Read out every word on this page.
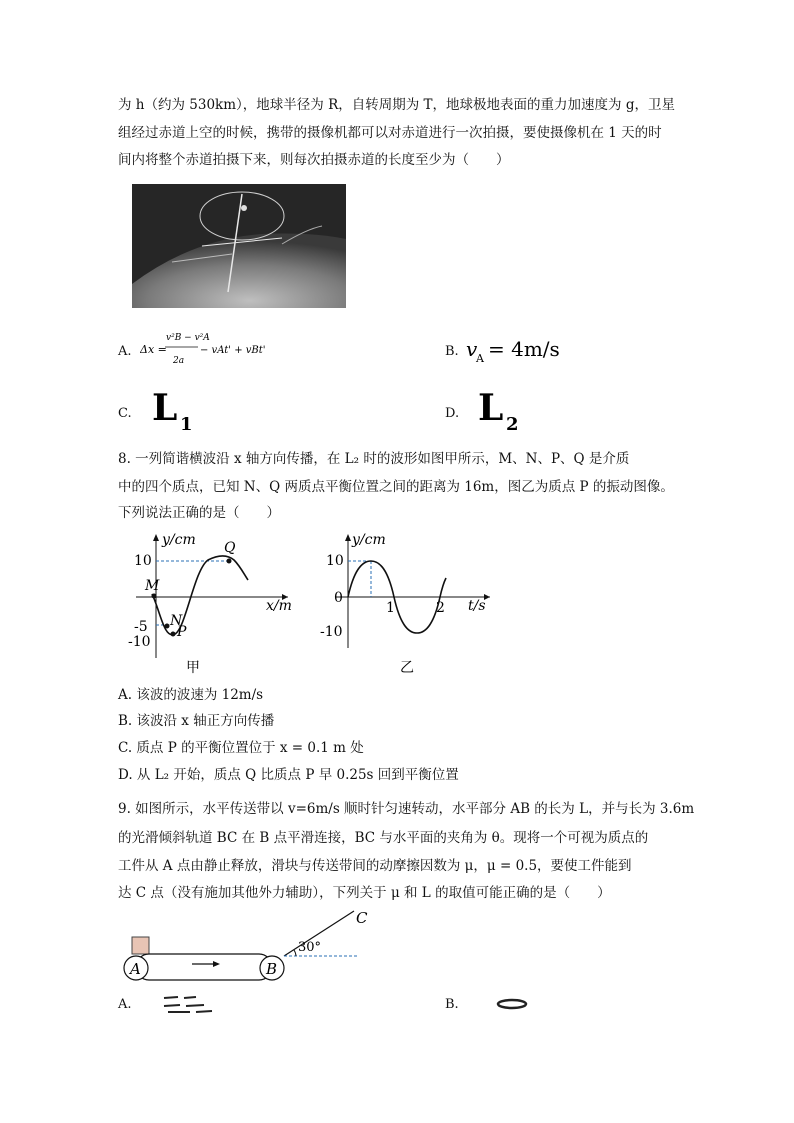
为 h（约为 530km），地球半径为 R，自转周期为 T，地球极地表面的重力加速度为 g，卫星
组经过赤道上空的时候，携带的摄像机都可以对赤道进行一次拍摄，要使摄像机在 1 天的时
间内将整个赤道拍摄下来，则每次拍摄赤道的长度至少为（　　）
A. Δx =
v²B − v²A
2a
− vAt' + vBt'	B. v
A = 4m/s
C. L 1
D. L 2
8. 一列简谐横波沿 x 轴方向传播，在 L₂ 时的波形如图甲所示，M、N、P、Q 是介质
中的四个质点，已知 N、Q 两质点平衡位置之间的距离为 16m，图乙为质点 P 的振动图像。
下列说法正确的是（　　）
y/cm
x/m
10
-5
-10
M
N
P
Q
甲
y/cm
t/s
10
0
-10
1	2
乙
A. 该波的波速为 12m/s
B. 该波沿 x 轴正方向传播
C. 质点 P 的平衡位置位于 x = 0.1 m 处
D. 从 L₂ 开始，质点 Q 比质点 P 早 0.25s 回到平衡位置
9. 如图所示，水平传送带以 v=6m/s 顺时针匀速转动，水平部分 AB 的长为 L，并与长为 3.6m
的光滑倾斜轨道 BC 在 B 点平滑连接，BC 与水平面的夹角为 θ。现将一个可视为质点的
工件从 A 点由静止释放，滑块与传送带间的动摩擦因数为 μ，μ = 0.5，要使工件能到
达 C 点（没有施加其他外力辅助），下列关于 μ 和 L 的取值可能正确的是（　　）
A	B
30°
C
A.	B.
